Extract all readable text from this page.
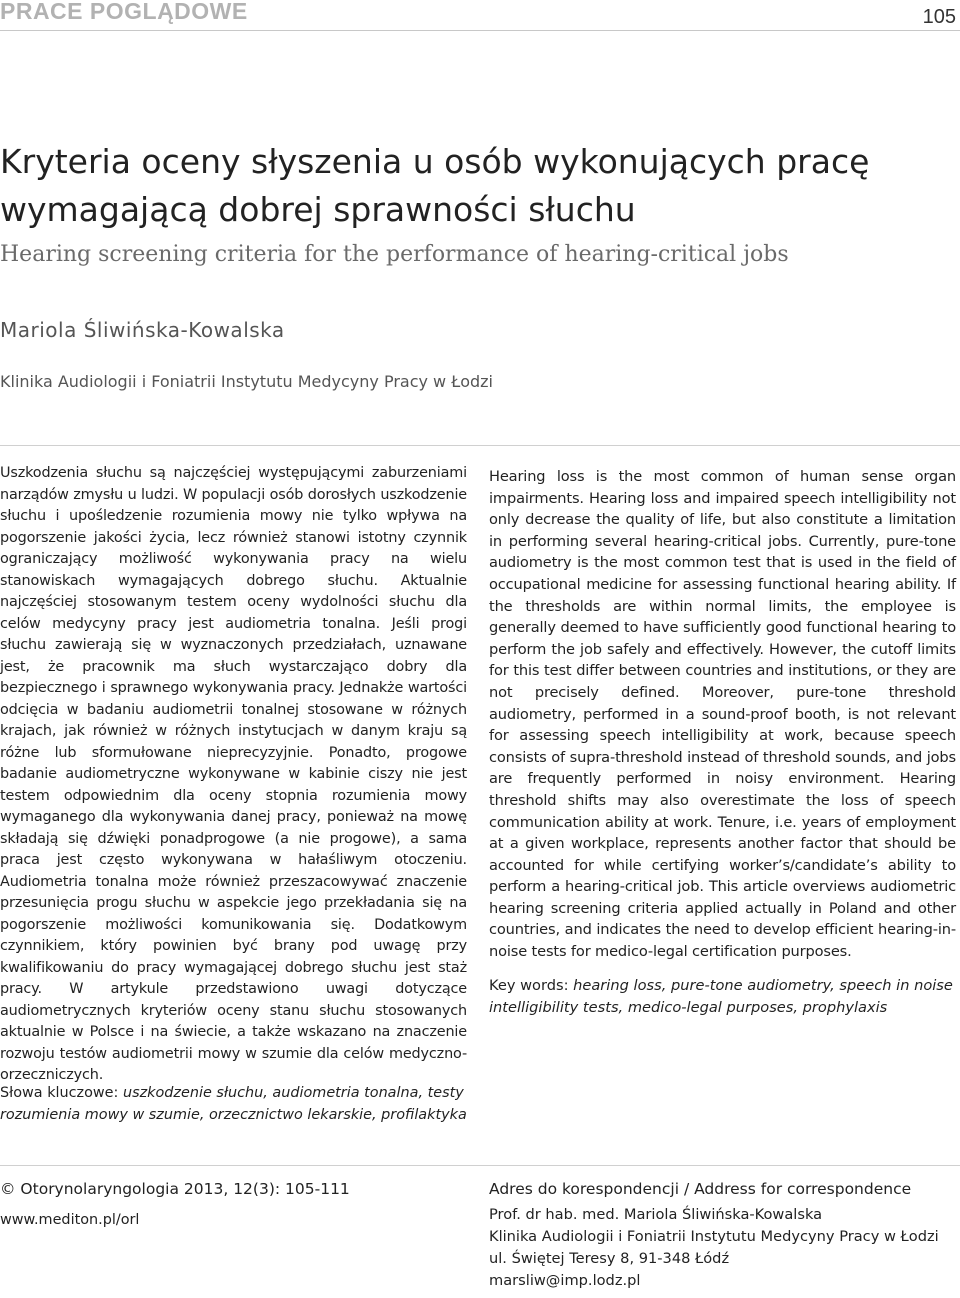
PRACE POGLĄDOWE	105
Kryteria oceny słyszenia u osób wykonujących pracę wymagającą dobrej sprawności słuchu
Hearing screening criteria for the performance of hearing-critical jobs
Mariola Śliwińska-Kowalska
Klinika Audiologii i Foniatrii Instytutu Medycyny Pracy w Łodzi

Uszkodzenia słuchu są najczęściej występującymi zaburzeniami narządów zmysłu u ludzi. W populacji osób dorosłych uszkodzenie słuchu i upośledzenie rozumienia mowy nie tylko wpływa na pogorszenie jakości życia, lecz również stanowi istotny czynnik ograniczający możliwość wykonywania pracy na wielu stanowiskach wymagających dobrego słuchu. Aktualnie najczęściej stosowanym testem oceny wydolności słuchu dla celów medycyny pracy jest audiometria tonalna. Jeśli progi słuchu zawierają się w wyznaczonych przedziałach, uznawane jest, że pracownik ma słuch wystarczająco dobry dla bezpiecznego i sprawnego wykonywania pracy. Jednakże wartości odcięcia w badaniu audiometrii tonalnej stosowane w różnych krajach, jak również w różnych instytucjach w danym kraju są różne lub sformułowane nieprecyzyjnie. Ponadto, progowe badanie audiometryczne wykonywane w kabinie ciszy nie jest testem odpowiednim dla oceny stopnia rozumienia mowy wymaganego dla wykonywania danej pracy, ponieważ na mowę składają się dźwięki ponadprogowe (a nie progowe), a sama praca jest często wykonywana w hałaśliwym otoczeniu. Audiometria tonalna może również przeszacowywać znaczenie przesunięcia progu słuchu w aspekcie jego przekładania się na pogorszenie możliwości komunikowania się. Dodatkowym czynnikiem, który powinien być brany pod uwagę przy kwalifikowaniu do pracy wymagającej dobrego słuchu jest staż pracy. W artykule przedstawiono uwagi dotyczące audiometrycznych kryteriów oceny stanu słuchu stosowanych aktualnie w Polsce i na świecie, a także wskazano na znaczenie rozwoju testów audiometrii mowy w szumie dla celów medyczno-orzeczniczych.

Słowa kluczowe: uszkodzenie słuchu, audiometria tonalna, testy rozumienia mowy w szumie, orzecznictwo lekarskie, profilaktyka

Hearing loss is the most common of human sense organ impairments. Hearing loss and impaired speech intelligibility not only decrease the quality of life, but also constitute a limitation in performing several hearing-critical jobs. Currently, pure-tone audiometry is the most common test that is used in the field of occupational medicine for assessing functional hearing ability. If the thresholds are within normal limits, the employee is generally deemed to have sufficiently good functional hearing to perform the job safely and effectively. However, the cutoff limits for this test differ between countries and institutions, or they are not precisely defined. Moreover, pure-tone threshold audiometry, performed in a sound-proof booth, is not relevant for assessing speech intelligibility at work, because speech consists of supra-threshold instead of threshold sounds, and jobs are frequently performed in noisy environment. Hearing threshold shifts may also overestimate the loss of speech communication ability at work. Tenure, i.e. years of employment at a given workplace, represents another factor that should be accounted for while certifying worker’s/candidate’s ability to perform a hearing-critical job. This article overviews audiometric hearing screening criteria applied actually in Poland and other countries, and indicates the need to develop efficient hearing-in-noise tests for medico-legal certification purposes.

Key words: hearing loss, pure-tone audiometry, speech in noise intelligibility tests, medico-legal purposes, prophylaxis

© Otorynolaryngologia 2013, 12(3): 105-111
www.mediton.pl/orl
Adres do korespondencji / Address for correspondence
Prof. dr hab. med. Mariola Śliwińska-Kowalska
Klinika Audiologii i Foniatrii Instytutu Medycyny Pracy w Łodzi
ul. Świętej Teresy 8, 91-348 Łódź
marsliw@imp.lodz.pl
